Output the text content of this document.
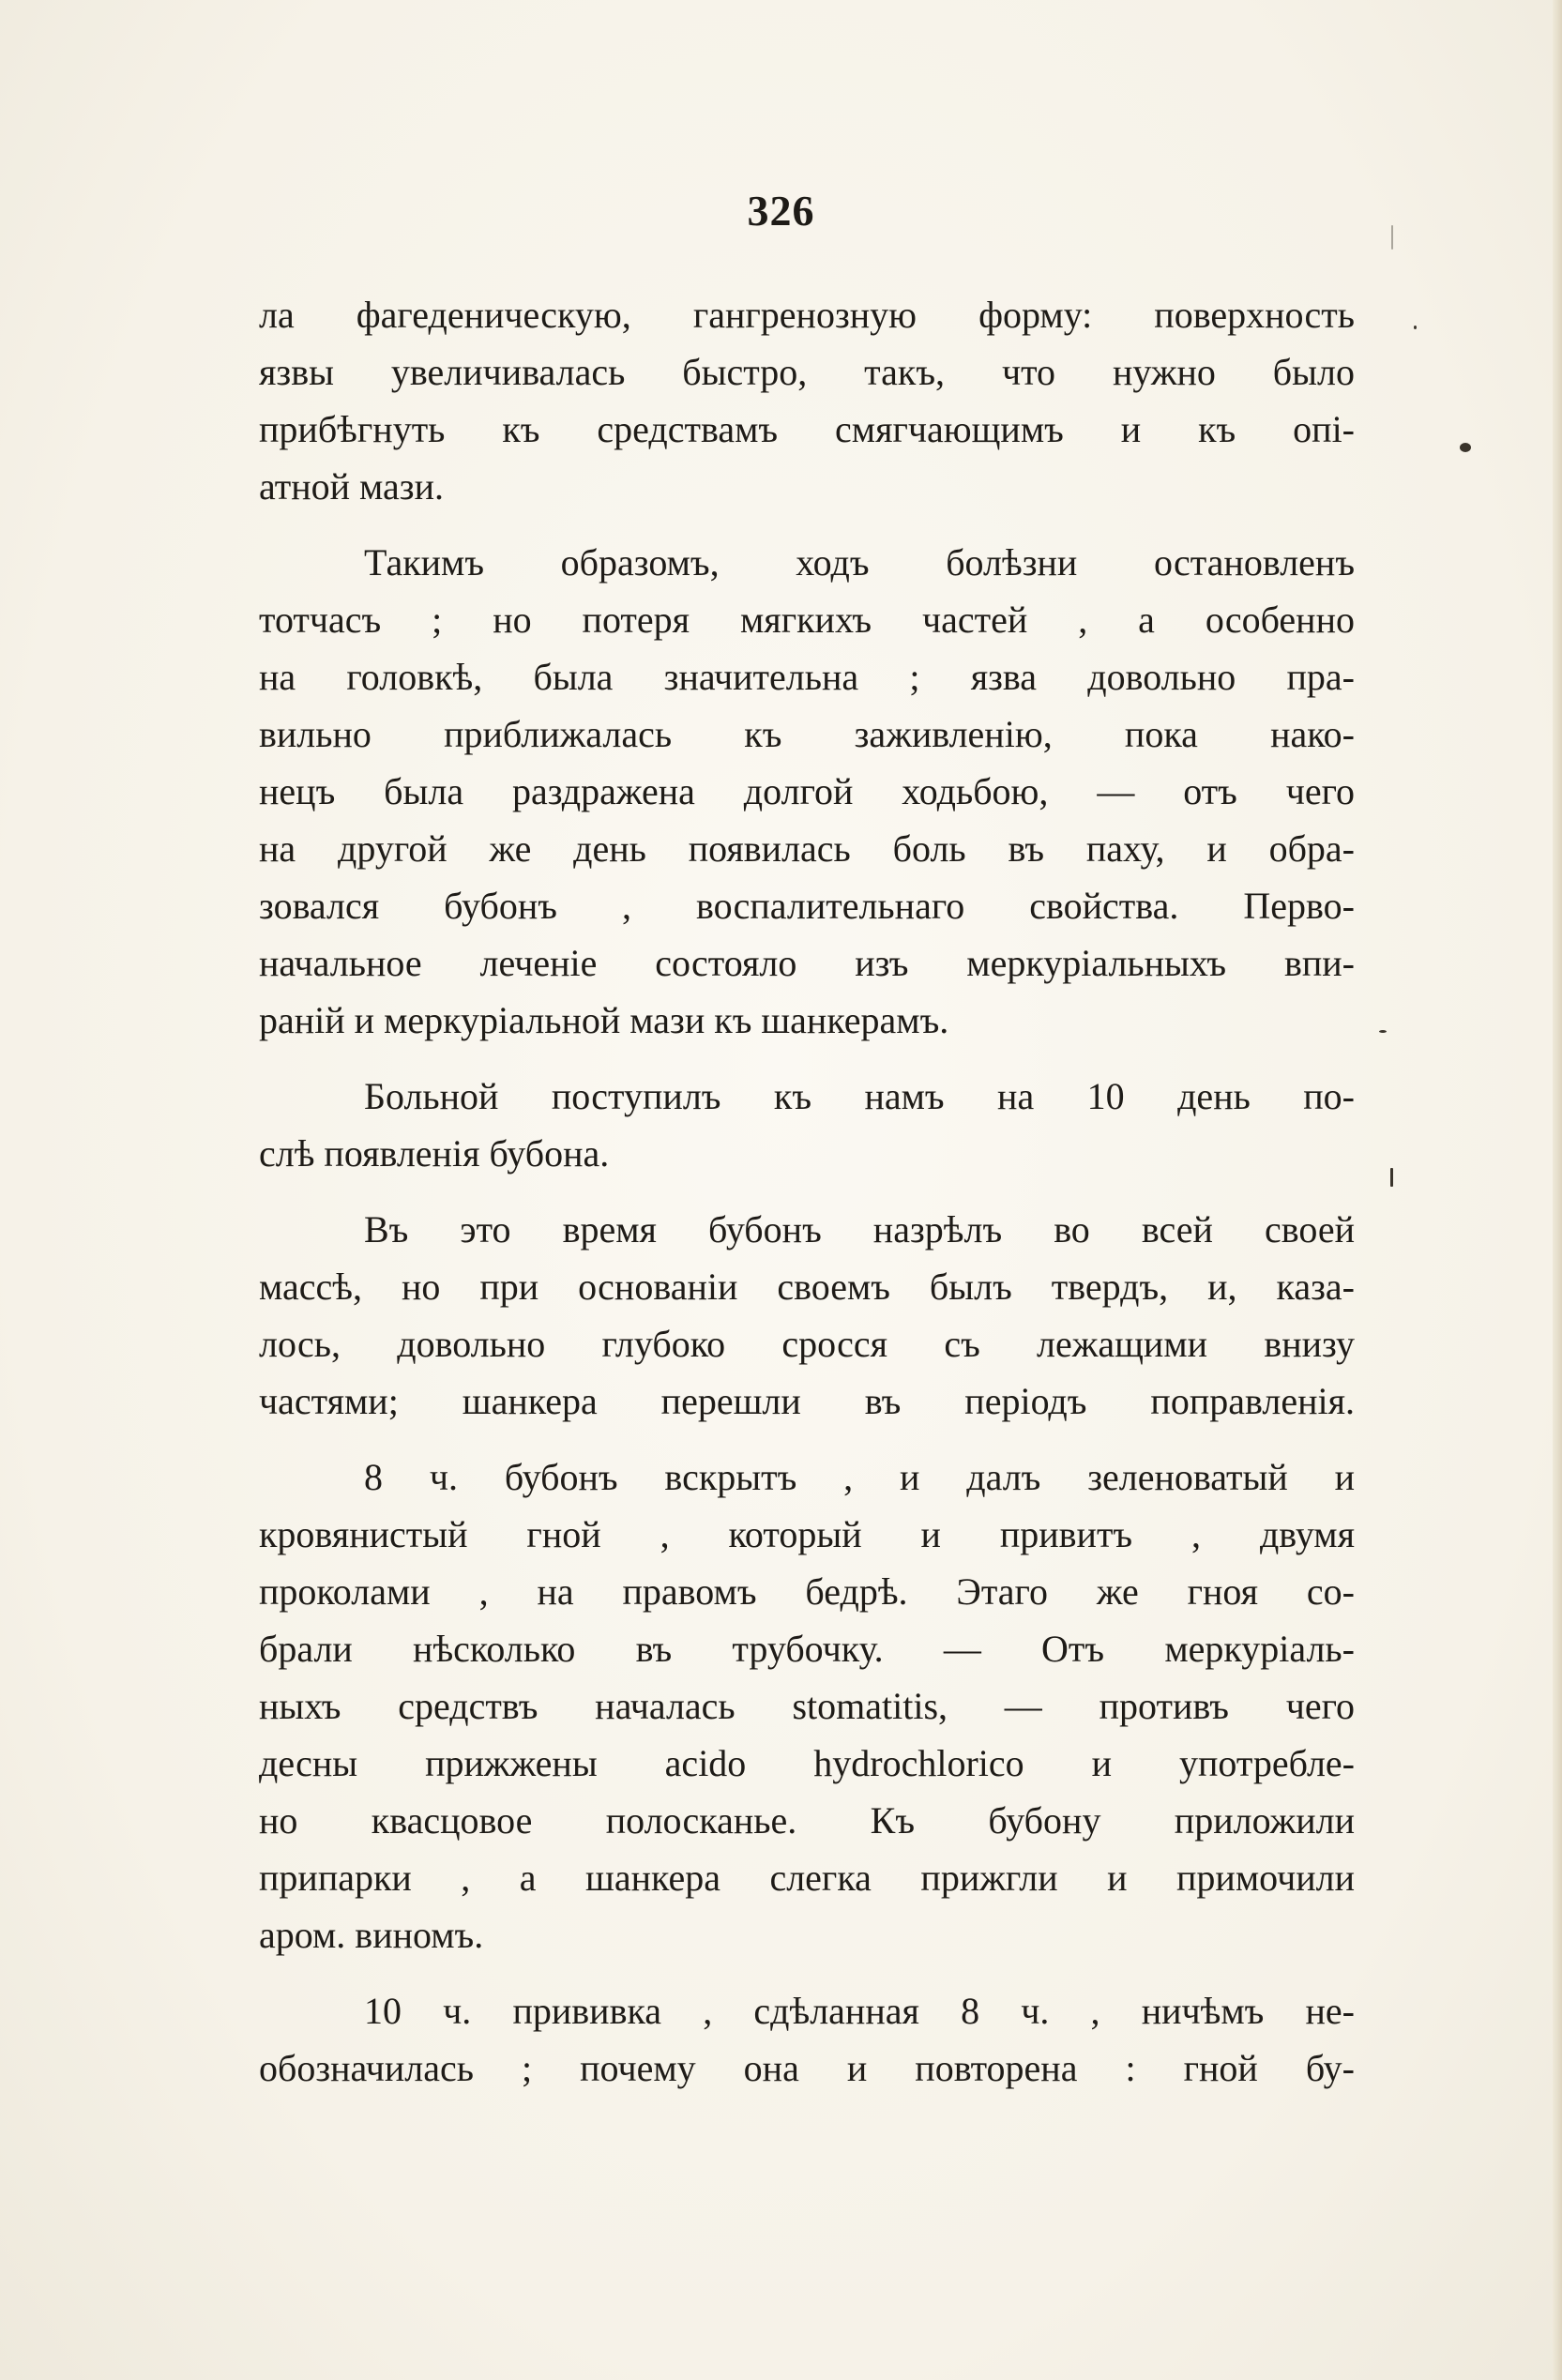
326
ла фагеденическую, гангренозную форму: поверхность
язвы увеличивалась быстро, такъ, что нужно было
прибѣгнуть къ средствамъ смягчающимъ и къ опі-
атной мази.
Такимъ образомъ, ходъ болѣзни остановленъ
тотчасъ ; но потеря мягкихъ частей , а особенно
на головкѣ, была значительна ; язва довольно пра-
вильно приближалась къ заживленію, пока нако-
нецъ была раздражена долгой ходьбою, — отъ чего
на другой же день появилась боль въ паху, и обра-
зовался бубонъ , воспалительнаго свойства. Перво-
начальное леченіе состояло изъ меркуріальныхъ впи-
раній и меркуріальной мази къ шанкерамъ.
Больной поступилъ къ намъ на 10 день по-
слѣ появленія бубона.
Въ это время бубонъ назрѣлъ во всей своей
массѣ, но при основаніи своемъ былъ твердъ, и, каза-
лось, довольно глубоко сросся съ лежащими внизу
частями; шанкера перешли въ періодъ поправленія.
8 ч. бубонъ вскрытъ , и далъ зеленоватый и
кровянистый гной , который и привитъ , двумя
проколами , на правомъ бедрѣ. Этаго же гноя со-
брали нѣсколько въ трубочку. — Отъ меркуріаль-
ныхъ средствъ началась stomatitis, — противъ чего
десны прижжены acido hydrochlorico и употребле-
но квасцовое полосканье. Къ бубону приложили
припарки , а шанкера слегка прижгли и примочили
аром. виномъ.
10 ч. прививка , сдѣланная 8 ч. , ничѣмъ не-
обозначилась ; почему она и повторена : гной бу-
